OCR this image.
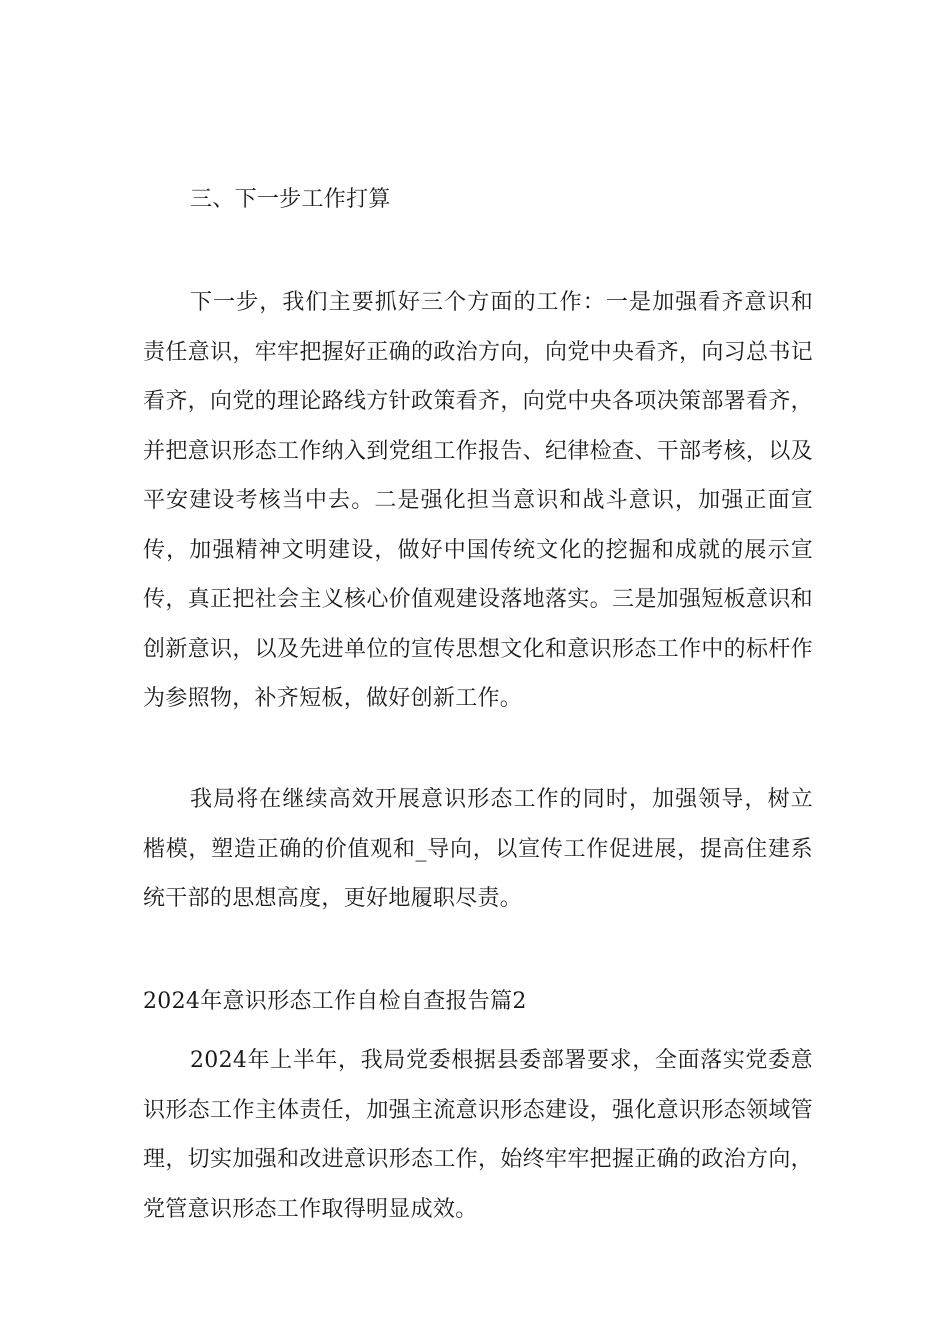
三、下一步工作打算
下一步，我们主要抓好三个方面的工作：一是加强看齐意识和责任意识，牢牢把握好正确的政治方向，向党中央看齐，向习总书记看齐，向党的理论路线方针政策看齐，向党中央各项决策部署看齐，并把意识形态工作纳入到党组工作报告、纪律检查、干部考核，以及平安建设考核当中去。二是强化担当意识和战斗意识，加强正面宣传，加强精神文明建设，做好中国传统文化的挖掘和成就的展示宣传，真正把社会主义核心价值观建设落地落实。三是加强短板意识和创新意识，以及先进单位的宣传思想文化和意识形态工作中的标杆作为参照物，补齐短板，做好创新工作。
我局将在继续高效开展意识形态工作的同时，加强领导，树立楷模，塑造正确的价值观和_导向，以宣传工作促进展，提高住建系统干部的思想高度，更好地履职尽责。
2024年意识形态工作自检自查报告篇2
2024年上半年，我局党委根据县委部署要求，全面落实党委意识形态工作主体责任，加强主流意识形态建设，强化意识形态领域管理，切实加强和改进意识形态工作，始终牢牢把握正确的政治方向，党管意识形态工作取得明显成效。
